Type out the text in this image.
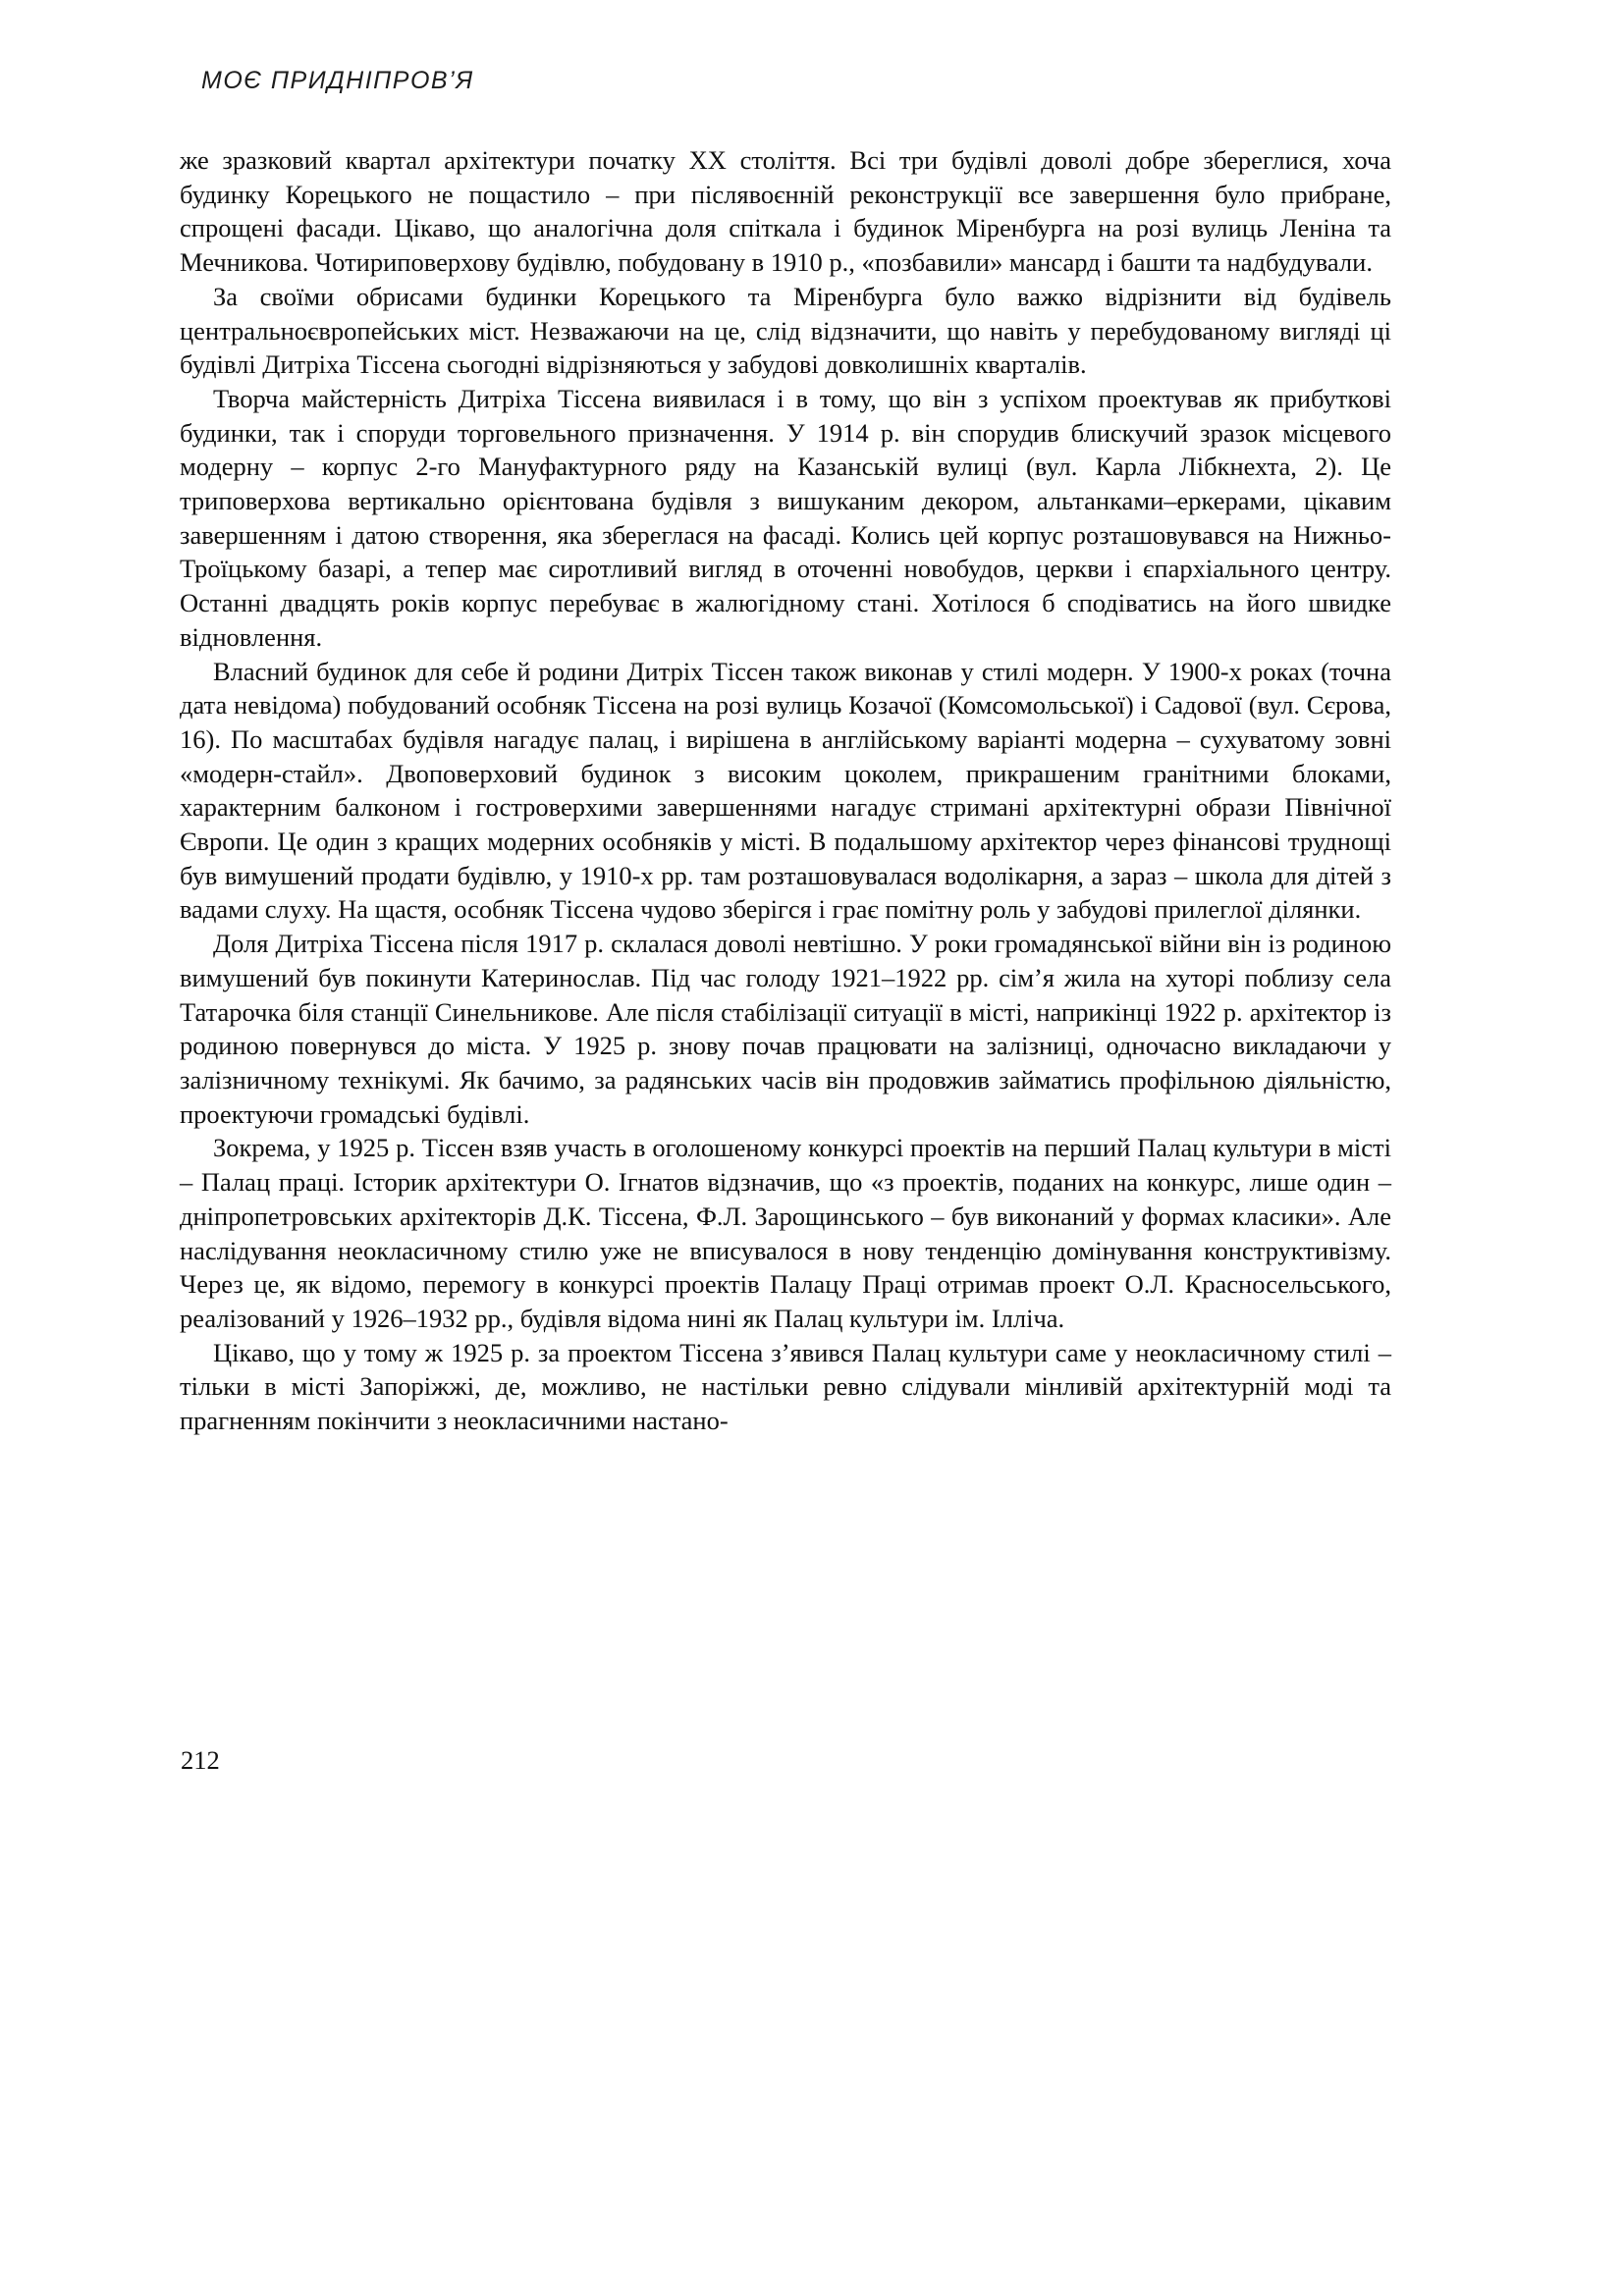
МОЄ ПРИДНІПРОВ’Я

же зразковий квартал архітектури початку XX століття. Всі три будівлі доволі добре збереглися, хоча будинку Корецького не пощастило – при післявоєнній реконструкції все завершення було прибране, спрощені фасади. Цікаво, що аналогічна доля спіткала і будинок Міренбурга на розі вулиць Леніна та Мечникова. Чотириповерхову будівлю, побудовану в 1910 р., «позбавили» мансард і башти та надбудували.

За своїми обрисами будинки Корецького та Міренбурга було важко відрізнити від будівель центральноєвропейських міст. Незважаючи на це, слід відзначити, що навіть у перебудованому вигляді ці будівлі Дитріха Тіссена сьогодні відрізняються у забудові довколишніх кварталів.

Творча майстерність Дитріха Тіссена виявилася і в тому, що він з успіхом проектував як прибуткові будинки, так і споруди торговельного призначення. У 1914 р. він спорудив блискучий зразок місцевого модерну – корпус 2-го Мануфактурного ряду на Казанській вулиці (вул. Карла Лібкнехта, 2). Це триповерхова вертикально орієнтована будівля з вишуканим декором, альтанками–еркерами, цікавим завершенням і датою створення, яка збереглася на фасаді. Колись цей корпус розташовувався на Нижньо-Троїцькому базарі, а тепер має сиротливий вигляд в оточенні новобудов, церкви і єпархіального центру. Останні двадцять років корпус перебуває в жалюгідному стані. Хотілося б сподіватись на його швидке відновлення.

Власний будинок для себе й родини Дитріх Тіссен також виконав у стилі модерн. У 1900-х роках (точна дата невідома) побудований особняк Тіссена на розі вулиць Козачої (Комсомольської) і Садової (вул. Сєрова, 16). По масштабах будівля нагадує палац, і вирішена в англійському варіанті модерна – сухуватому зовні «модерн-стайл». Двоповерховий будинок з високим цоколем, прикрашеним гранітними блоками, характерним балконом і гостроверхими завершеннями нагадує стримані архітектурні образи Північної Європи. Це один з кращих модерних особняків у місті. В подальшому архітектор через фінансові труднощі був вимушений продати будівлю, у 1910-х рр. там розташовувалася водолікарня, а зараз – школа для дітей з вадами слуху. На щастя, особняк Тіссена чудово зберігся і грає помітну роль у забудові прилеглої ділянки.

Доля Дитріха Тіссена після 1917 р. склалася доволі невтішно. У роки громадянської війни він із родиною вимушений був покинути Катеринослав. Під час голоду 1921–1922 рр. сім’я жила на хуторі поблизу села Татарочка біля станції Синельникове. Але після стабілізації ситуації в місті, наприкінці 1922 р. архітектор із родиною повернувся до міста. У 1925 р. знову почав працювати на залізниці, одночасно викладаючи у залізничному технікумі. Як бачимо, за радянських часів він продовжив займатись профільною діяльністю, проектуючи громадські будівлі.

Зокрема, у 1925 р. Тіссен взяв участь в оголошеному конкурсі проектів на перший Палац культури в місті – Палац праці. Історик архітектури О. Ігнатов відзначив, що «з проектів, поданих на конкурс, лише один – дніпропетровських архітекторів Д.К. Тіссена, Ф.Л. Зарощинського – був виконаний у формах класики». Але наслідування неокласичному стилю уже не вписувалося в нову тенденцію домінування конструктивізму. Через це, як відомо, перемогу в конкурсі проектів Палацу Праці отримав проект О.Л. Красносельського, реалізований у 1926–1932 рр., будівля відома нині як Палац культури ім. Ілліча.

Цікаво, що у тому ж 1925 р. за проектом Тіссена з’явився Палац культури саме у неокласичному стилі – тільки в місті Запоріжжі, де, можливо, не настільки ревно слідували мінливій архітектурній моді та прагненням покінчити з неокласичними настано-

212
